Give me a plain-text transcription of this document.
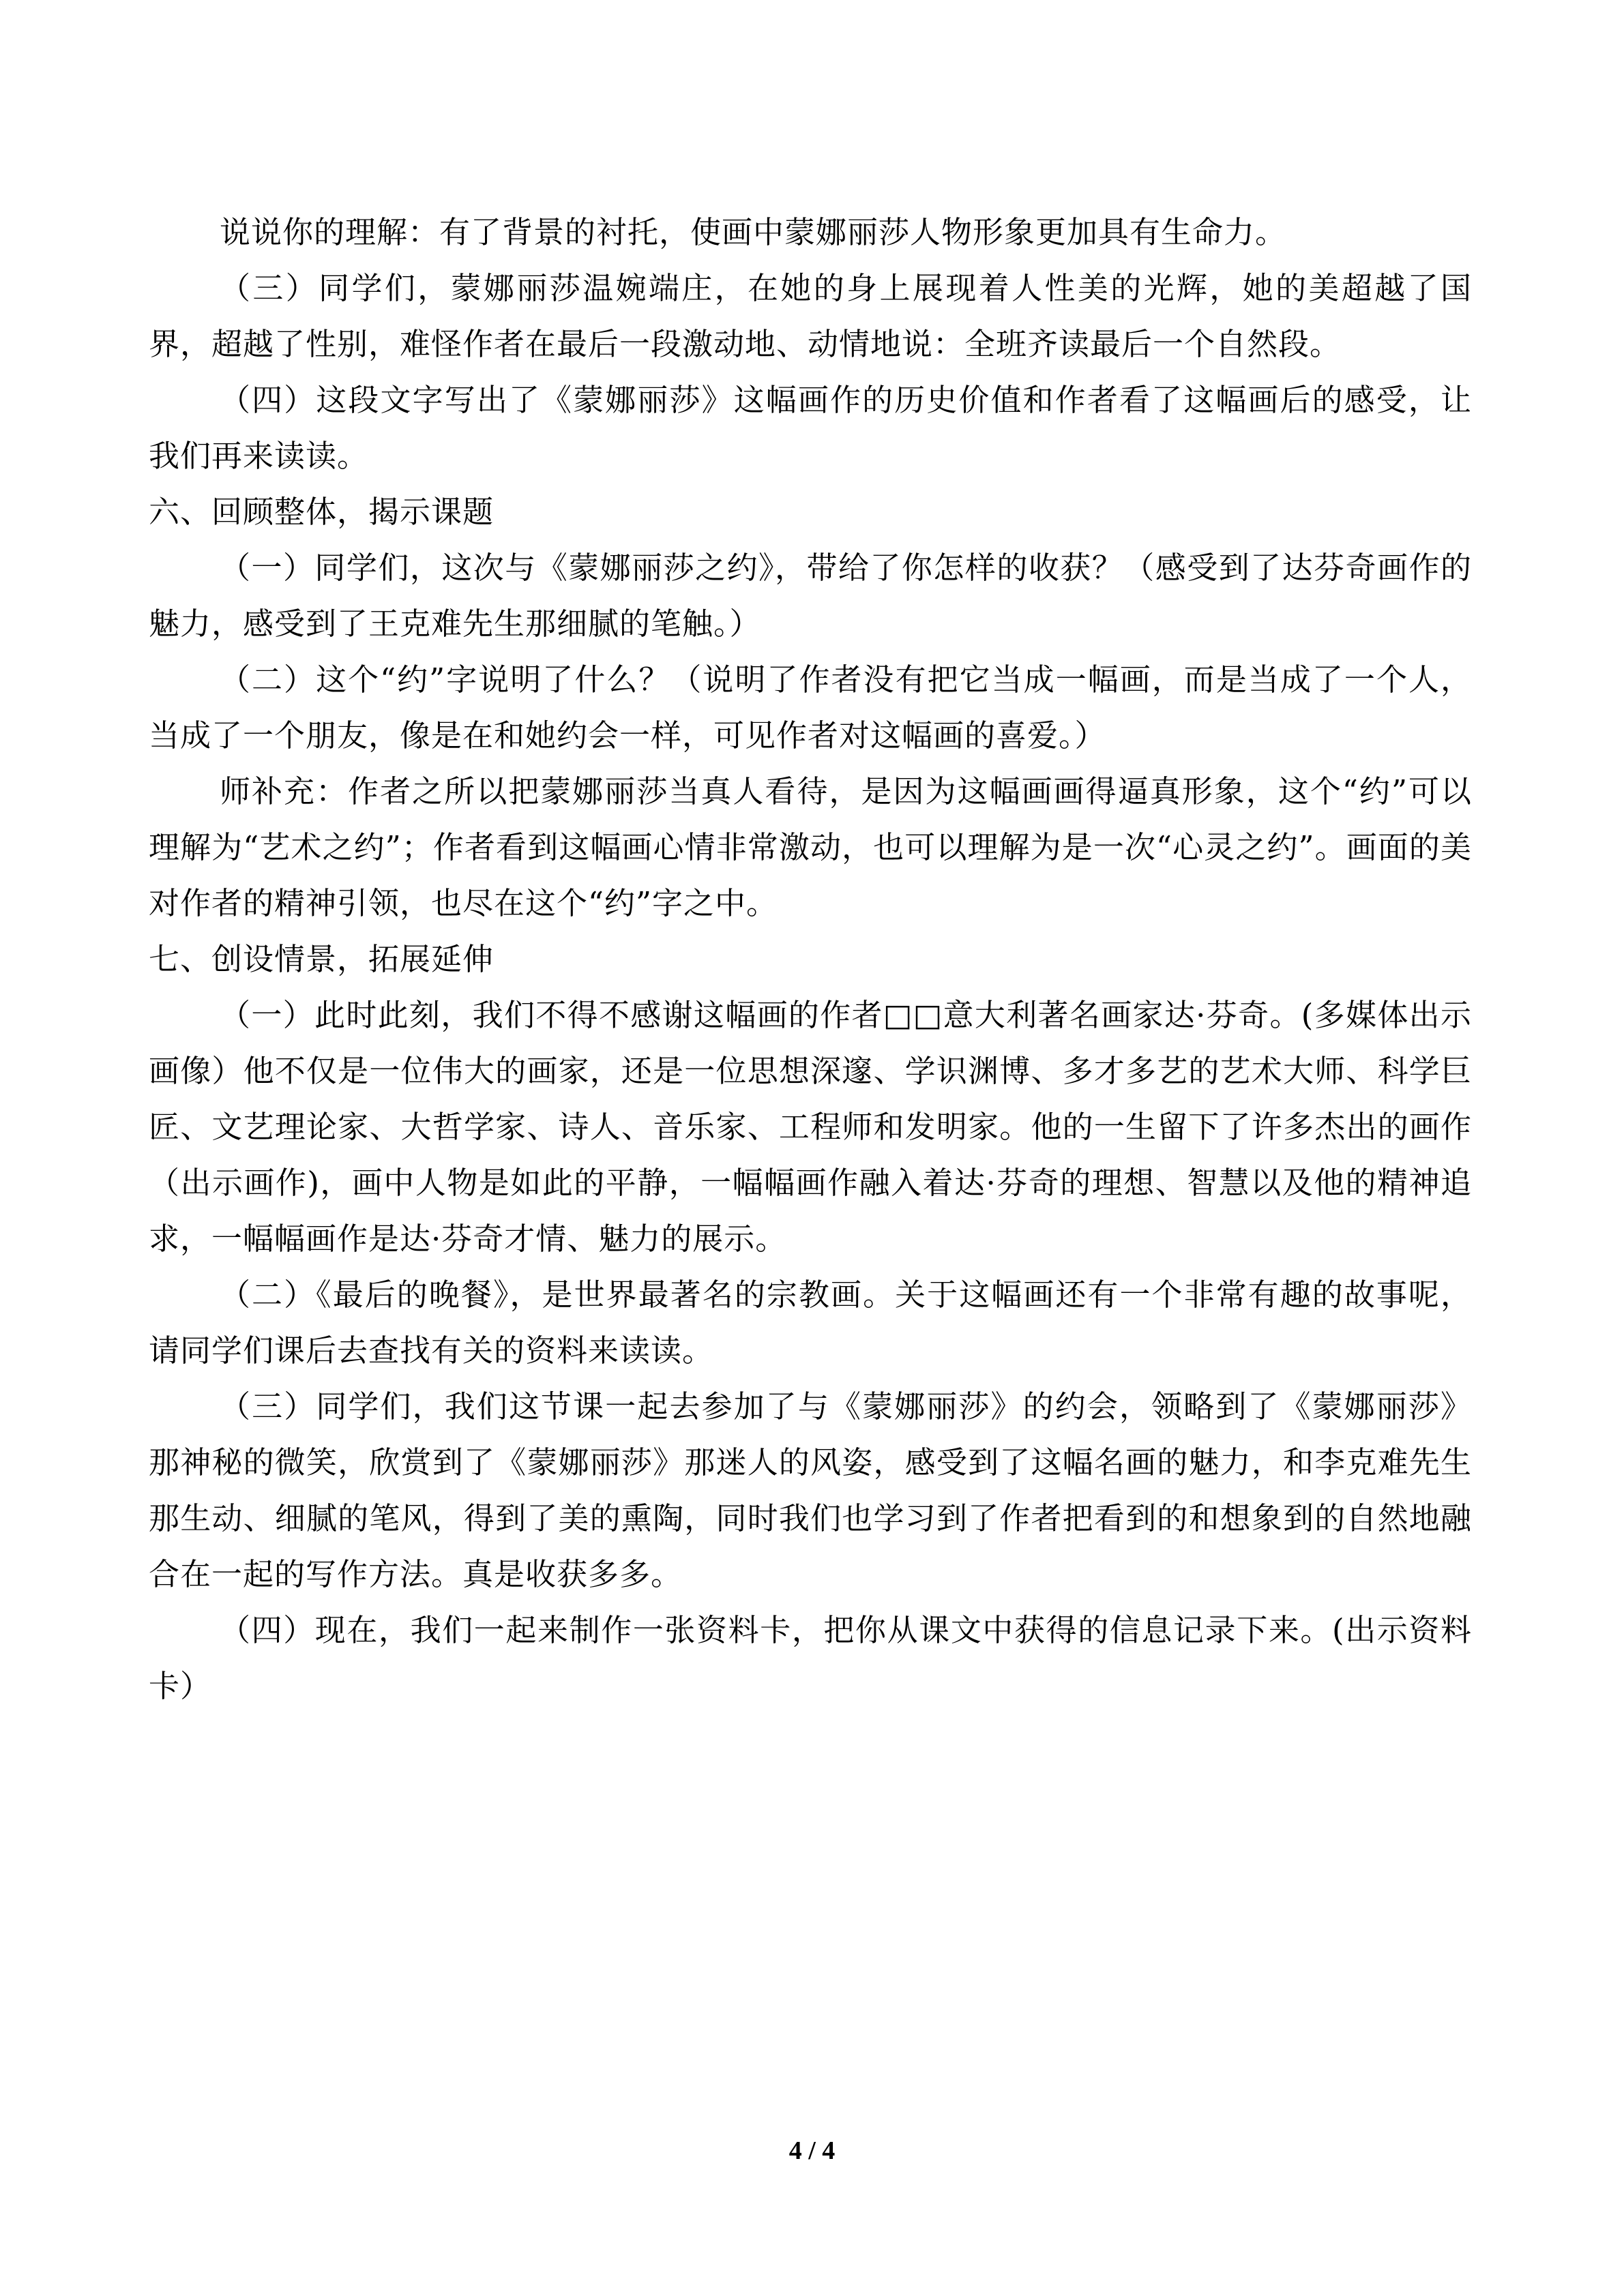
说说你的理解：有了背景的衬托，使画中蒙娜丽莎人物形象更加具有生命力。

（三）同学们，蒙娜丽莎温婉端庄，在她的身上展现着人性美的光辉，她的美超越了国界，超越了性别，难怪作者在最后一段激动地、动情地说：全班齐读最后一个自然段。

（四）这段文字写出了《蒙娜丽莎》这幅画作的历史价值和作者看了这幅画后的感受，让我们再来读读。

六、回顾整体，揭示课题

（一）同学们，这次与《蒙娜丽莎之约》，带给了你怎样的收获？（感受到了达芬奇画作的魅力，感受到了王克难先生那细腻的笔触。）

（二）这个“约”字说明了什么？（说明了作者没有把它当成一幅画，而是当成了一个人，当成了一个朋友，像是在和她约会一样，可见作者对这幅画的喜爱。）

师补充：作者之所以把蒙娜丽莎当真人看待，是因为这幅画画得逼真形象，这个“约”可以理解为“艺术之约”；作者看到这幅画心情非常激动，也可以理解为是一次“心灵之约”。画面的美对作者的精神引领，也尽在这个“约”字之中。

七、创设情景，拓展延伸

（一）此时此刻，我们不得不感谢这幅画的作者□□意大利著名画家达·芬奇。(多媒体出示画像）他不仅是一位伟大的画家，还是一位思想深邃、学识渊博、多才多艺的艺术大师、科学巨匠、文艺理论家、大哲学家、诗人、音乐家、工程师和发明家。他的一生留下了许多杰出的画作（出示画作)，画中人物是如此的平静，一幅幅画作融入着达·芬奇的理想、智慧以及他的精神追求，一幅幅画作是达·芬奇才情、魅力的展示。

（二）《最后的晚餐》，是世界最著名的宗教画。关于这幅画还有一个非常有趣的故事呢，请同学们课后去查找有关的资料来读读。

（三）同学们，我们这节课一起去参加了与《蒙娜丽莎》的约会，领略到了《蒙娜丽莎》那神秘的微笑，欣赏到了《蒙娜丽莎》那迷人的风姿，感受到了这幅名画的魅力，和李克难先生那生动、细腻的笔风，得到了美的熏陶，同时我们也学习到了作者把看到的和想象到的自然地融合在一起的写作方法。真是收获多多。

（四）现在，我们一起来制作一张资料卡，把你从课文中获得的信息记录下来。(出示资料卡）

4 / 4
